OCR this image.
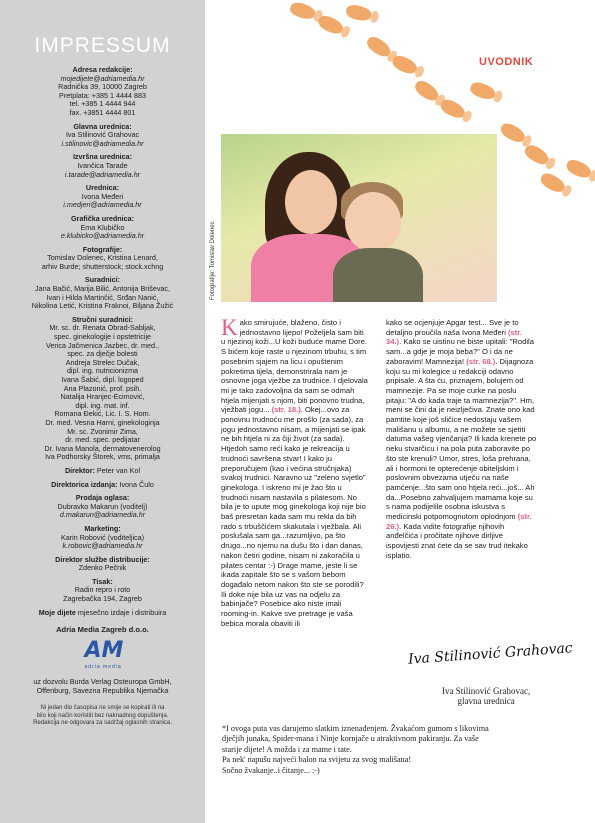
IMPRESSUM
Adresa redakcije:
mojedijete@adriamedia.hr
Radnička 39, 10000 Zagreb
Pretplata: +385 1 4444 883
tel. +385 1 4444 944
fax. +3851 4444 801
Glavna urednica:
Iva Stilinović Grahovac
i.stilinovic@adriamedia.hr
Izvršna urednica:
Ivančica Tarade
i.tarade@adriamedia.hr
Urednica:
Ivona Međeri
i.medjeri@adriamedia.hr
Grafička urednica:
Ema Klubičko
e.klubicko@adriamedia.hr
Fotografije:
Tomislav Dolenec, Kristina Lenard,
arhiv Burde; shutterstock; stock.xchng
Suradnici:
Jana Bačić, Marija Bilić, Antonija Briševac,
Ivan i Hilda Martinčić, Srđan Nanić,
Nikolina Letić, Kristina Fraknoi, Biljana Žužić
Stručni suradnici:
Mr. sc. dr. Renata Obrad-Sabljak,
spec. ginekologije i opstetricije
Verica Jačmenica Jazbec, dr. med.,
spec. za dječje bolesti
Andreja Strelec Dučak,
dipl. ing. nutricionizma
Ivana Šabić, dipl. logoped
Ana Plazonić, prof. psih.
Natalija Hranjec-Ecimović,
dipl. ing. mat. inf.
Romana Đekić, Lic. I. S. Hom.
Dr. med. Vesna Harni, ginekologinja
Mr. sc. Zvonimir Zima,
dr. med. spec. pedijatar
Dr. Ivana Manola, dermatovenerolog
Iva Podhorsky Štorek, vms, primalja
Direktor: Peter van Kol
Direktorica izdanja: Ivona Čulo
Prodaja oglasa:
Dubravko Makarun (voditelj)
d.makarun@adriamedia.hr
Marketing:
Karin Robović (voditeljica)
k.robovic@adriamedia.hr
Direktor službe distribucije:
Zdenko Pečnik
Tisak:
Radin repro i roto
Zagrebačka 194, Zagreb
Moje dijete mjesečno izdaje i distribuira
Adria Media Zagreb d.o.o.
AM
adria media
uz dozvolu Burda Verlag Osteuropa GmbH,
Offenburg, Savezna Republika Njemačka
Ni jedan dio časopisa ne smije se kopirati ili na
bilo koji način koristiti bez naknadnog dopuštenja.
Redakcija ne odgovara za sadržaj oglasnih stranica.
UVODNIK
Fotografije: Tomislav Dolenec

Kako smirujuće, blaženo, čisto i jednostavno lijepo! Poželjela sam biti u njezinoj koži...U koži buduće mame Dore. S bićem koje raste u njezinom trbuhu, s tim posebnim sjajem na licu i opuštenim pokretima tijela, demonstrirala nam je osnovne joga vježbe za trudnice. I djelovala mi je tako zadovoljna da sam se odmah htjela mijenjati s njom, biti ponovno trudna, vježbati jogu... (str. 18.). Okej...ovo za ponovnu trudnoću me prošlo (za sada), za jogu jednostavno nisam, a mijenjati se ipak ne bih htjela ni za čiji život (za sada). Htjedoh samo reći kako je rekreacija u trudnoći savršena stvar! I kako ju preporučujem (kao i većina stručnjaka) svakoj trudnici. Naravno uz "zeleno svjetlo" ginekologa. I iskreno mi je žao što u trudnoći nisam nastavila s pilatesom. No bila je to upute mog ginekologa koji nije bio baš presretan kada sam mu rekla da bih rado s trbuščićem skakutala i vježbala. Ali poslušala sam ga...razumljivo, pa što drugo...no njemu na dušu što i dan danas, nakon četiri godine, nisam ni zakoračila u pilates centar :-) Drage mame, jeste li se ikada zapitale što se s vašom bebom događalo netom nakon što ste se porodili? Ili doke nije bila uz vas na odjelu za babinjače? Posebice ako niste imali rooming-in. Kakve sve pretrage je vaša bebica morala obaviti ili

kako se ocjenjuje Apgar test... Sve je to detaljno proučila naša Ivona Međeri (str. 34.). Kako se uistinu ne biste upitali: "Rodila sam...a gdje je moja beba?" O i da ne zaboravim! Mamnezija! (str. 68.). Dijagnoza koju su mi kolegice u redakciji odavno pripisale. A šta ću, priznajem, bolujem od mamnezije. Pa se moje curke na poslu pitaju: "A do kada traje ta mamnezija?". Hm, meni se čini da je neizlječiva. Znate ono kad pamtite koje još sličice nedostaju vašem mališanu u albumu, a ne možete se sjetiti datuma vašeg vjenčanja? Ili kada krenete po neku stvarčicu i na pola puta zaboravite po što ste krenuli? Umor, stres, loša prehrana, ali i hormoni te opterećenje obiteljskim i poslovnim obvezama utječu na naše pamćenje...što sam ono htjela reći...još... Ah da...Posebno zahvaljujem mamama koje su s nama podijelile osobna iskustva s medicinski potpomognutom oplodnjom (str. 26.). Kada vidite fotografije njihovih anđelčića i pročitate njihove dirljive ispovijesti znat ćete da se sav trud itekako isplatio.

Iva Stilinović Grahovac
Iva Stilinović Grahovac,
glavna urednica
*I ovoga puta vas darujemo slatkim iznenađenjem. Žvakaćom gumom s likovima
dječjih junaka, Spider-mana i Ninje kornjače u atraktivnom pakiranju. Za vaše
starije dijete! A možda i za mame i tate.
Pa nek' napušu najveći balon na svijetu za svog mališana!
Sočno žvakanje..i čitanje... :-)
